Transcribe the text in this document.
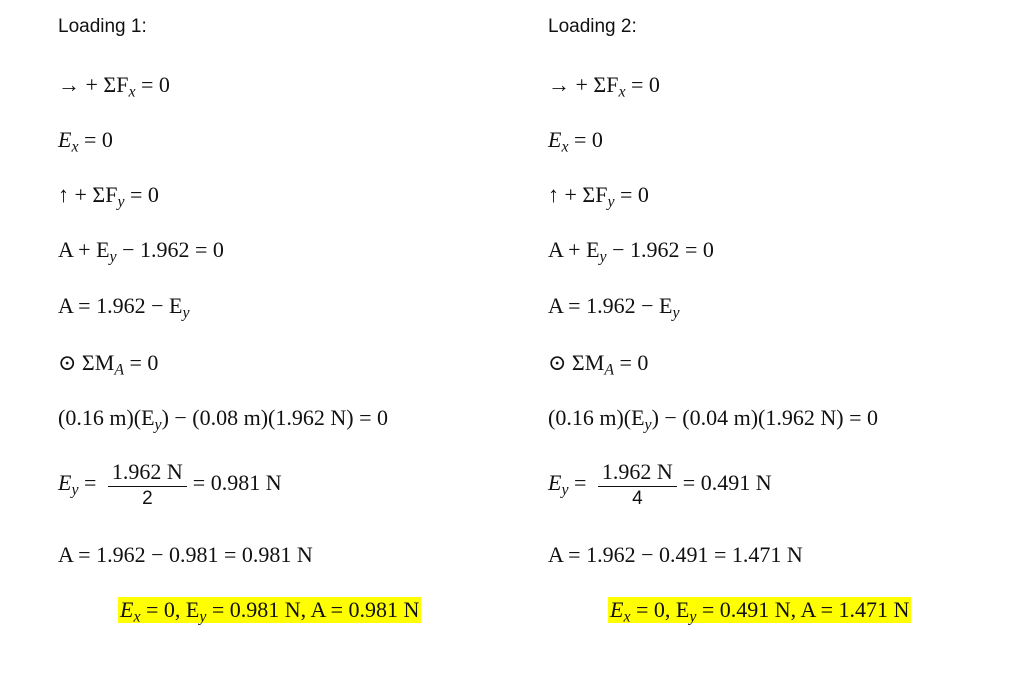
Loading 1:
→ + $\Sigma F_x = 0$
$E_x = 0$
↑ + $\Sigma F_y = 0$
$A + E_y - 1.962 = 0$
$A = 1.962 - E_y$
⊙ $\Sigma M_A = 0$
(0.16 $m)(E_y) - (0.08$ m)(1.962 N) = 0
$E_y = \frac{1.962 N}{2} = 0.981$ N
A = 1.962 − 0.981 = 0.981 N
$E_x = 0$, $E_y = 0.981$ N, A = 0.981 N
Loading 2:
→ + $\Sigma F_x = 0$
$E_x = 0$
↑ + $\Sigma F_y = 0$
$A + E_y - 1.962 = 0$
$A = 1.962 - E_y$
⊙ $\Sigma M_A = 0$
(0.16 $m)(E_y) - (0.04$ m)(1.962 N) = 0
$E_y = \frac{1.962 N}{4} = 0.491$ N
A = 1.962 − 0.491 = 1.471 N
$E_x = 0$, $E_y = 0.491$ N, A = 1.471 N
